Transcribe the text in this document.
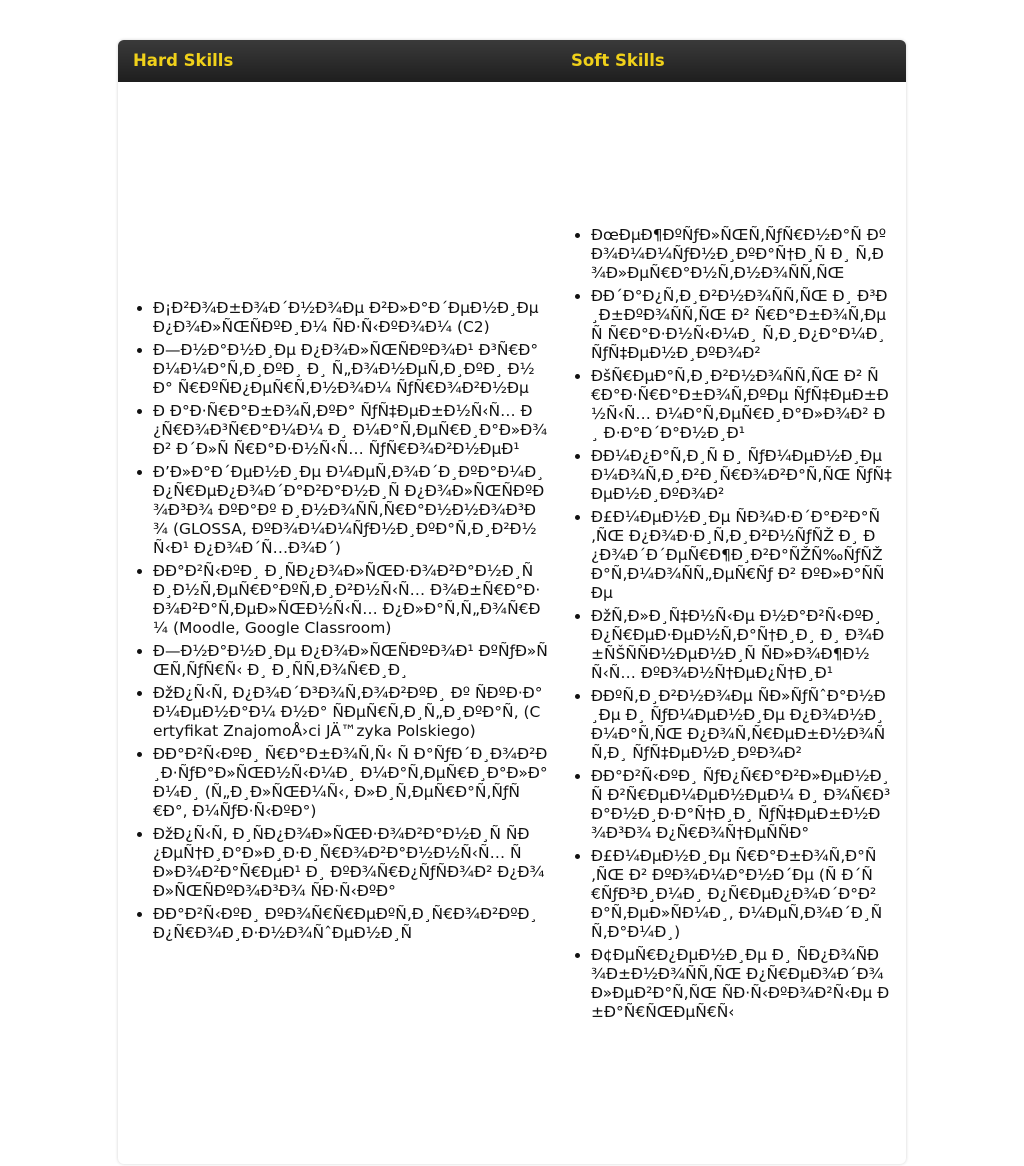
Hard Skills	Soft Skills
• Ð¡Ð²Ð¾Ð±Ð¾Ð´Ð½Ð¾Ðµ Ð²Ð»Ð°Ð´ÐµÐ½Ð¸Ðµ Ð¿Ð¾Ð»ÑŒÑÐºÐ¸Ð¼ ÑÐ·Ñ‹ÐºÐ¾Ð¼ (C2)
• Ð—Ð½Ð°Ð½Ð¸Ðµ Ð¿Ð¾Ð»ÑŒÑÐºÐ¾Ð¹ Ð³Ñ€Ð°Ð¼Ð¼Ð°Ñ‚Ð¸ÐºÐ¸ Ð¸ Ñ„Ð¾Ð½ÐµÑ‚Ð¸ÐºÐ¸ Ð½Ð° Ñ€ÐºÑÐ¿ÐµÑ€Ñ‚Ð½Ð¾Ð¼ ÑƒÑ€Ð¾Ð²Ð½Ðµ
• Ð Ð°Ð·Ñ€Ð°Ð±Ð¾Ñ‚ÐºÐ° ÑƒÑ‡ÐµÐ±Ð½Ñ‹Ñ… Ð¿Ñ€Ð¾Ð³Ñ€Ð°Ð¼Ð¼ Ð¸ Ð¼Ð°Ñ‚ÐµÑ€Ð¸Ð°Ð»Ð¾Ð² Ð´Ð»Ñ Ñ€Ð°Ð·Ð½Ñ‹Ñ… ÑƒÑ€Ð¾Ð²Ð½ÐµÐ¹
• Ð’Ð»Ð°Ð´ÐµÐ½Ð¸Ðµ Ð¼ÐµÑ‚Ð¾Ð´Ð¸ÐºÐ°Ð¼Ð¸ Ð¿Ñ€ÐµÐ¿Ð¾Ð´Ð°Ð²Ð°Ð½Ð¸Ñ Ð¿Ð¾Ð»ÑŒÑÐºÐ¾Ð³Ð¾ ÐºÐ°Ðº Ð¸Ð½Ð¾ÑÑ‚Ñ€Ð°Ð½Ð½Ð¾Ð³Ð¾ (GLOSSA, ÐºÐ¾Ð¼Ð¼ÑƒÐ½Ð¸ÐºÐ°Ñ‚Ð¸Ð²Ð½Ñ‹Ð¹ Ð¿Ð¾Ð´Ñ…Ð¾Ð´)
• ÐÐ°Ð²Ñ‹ÐºÐ¸ Ð¸ÑÐ¿Ð¾Ð»ÑŒÐ·Ð¾Ð²Ð°Ð½Ð¸Ñ Ð¸Ð½Ñ‚ÐµÑ€Ð°ÐºÑ‚Ð¸Ð²Ð½Ñ‹Ñ… Ð¾Ð±Ñ€Ð°Ð·Ð¾Ð²Ð°Ñ‚ÐµÐ»ÑŒÐ½Ñ‹Ñ… Ð¿Ð»Ð°Ñ‚Ñ„Ð¾Ñ€Ð¼ (Moodle, Google Classroom)
• Ð—Ð½Ð°Ð½Ð¸Ðµ Ð¿Ð¾Ð»ÑŒÑÐºÐ¾Ð¹ ÐºÑƒÐ»ÑŒÑ‚ÑƒÑ€Ñ‹ Ð¸ Ð¸ÑÑ‚Ð¾Ñ€Ð¸Ð¸
• ÐžÐ¿Ñ‹Ñ‚ Ð¿Ð¾Ð´Ð³Ð¾Ñ‚Ð¾Ð²ÐºÐ¸ Ðº ÑÐºÐ·Ð°Ð¼ÐµÐ½Ð°Ð¼ Ð½Ð° ÑÐµÑ€Ñ‚Ð¸Ñ„Ð¸ÐºÐ°Ñ‚ (Certyfikat ZnajomoÅ›ci JÄ™zyka Polskiego)
• ÐÐ°Ð²Ñ‹ÐºÐ¸ Ñ€Ð°Ð±Ð¾Ñ‚Ñ‹ Ñ Ð°ÑƒÐ´Ð¸Ð¾Ð²Ð¸Ð·ÑƒÐ°Ð»ÑŒÐ½Ñ‹Ð¼Ð¸ Ð¼Ð°Ñ‚ÐµÑ€Ð¸Ð°Ð»Ð°Ð¼Ð¸ (Ñ„Ð¸Ð»ÑŒÐ¼Ñ‹, Ð»Ð¸Ñ‚ÐµÑ€Ð°Ñ‚ÑƒÑ€Ð°, Ð¼ÑƒÐ·Ñ‹ÐºÐ°)
• ÐžÐ¿Ñ‹Ñ‚ Ð¸ÑÐ¿Ð¾Ð»ÑŒÐ·Ð¾Ð²Ð°Ð½Ð¸Ñ ÑÐ¿ÐµÑ†Ð¸Ð°Ð»Ð¸Ð·Ð¸Ñ€Ð¾Ð²Ð°Ð½Ð½Ñ‹Ñ… ÑÐ»Ð¾Ð²Ð°Ñ€ÐµÐ¹ Ð¸ ÐºÐ¾Ñ€Ð¿ÑƒÑÐ¾Ð² Ð¿Ð¾Ð»ÑŒÑÐºÐ¾Ð³Ð¾ ÑÐ·Ñ‹ÐºÐ°
• ÐÐ°Ð²Ñ‹ÐºÐ¸ ÐºÐ¾Ñ€Ñ€ÐµÐºÑ‚Ð¸Ñ€Ð¾Ð²ÐºÐ¸ Ð¿Ñ€Ð¾Ð¸Ð·Ð½Ð¾ÑˆÐµÐ½Ð¸Ñ
• ÐœÐµÐ¶ÐºÑƒÐ»ÑŒÑ‚ÑƒÑ€Ð½Ð°Ñ ÐºÐ¾Ð¼Ð¼ÑƒÐ½Ð¸ÐºÐ°Ñ†Ð¸Ñ Ð¸ Ñ‚Ð¾Ð»ÐµÑ€Ð°Ð½Ñ‚Ð½Ð¾ÑÑ‚ÑŒ
• ÐÐ´Ð°Ð¿Ñ‚Ð¸Ð²Ð½Ð¾ÑÑ‚ÑŒ Ð¸ Ð³Ð¸Ð±ÐºÐ¾ÑÑ‚ÑŒ Ð² Ñ€Ð°Ð±Ð¾Ñ‚Ðµ Ñ Ñ€Ð°Ð·Ð½Ñ‹Ð¼Ð¸ Ñ‚Ð¸Ð¿Ð°Ð¼Ð¸ ÑƒÑ‡ÐµÐ½Ð¸ÐºÐ¾Ð²
• ÐšÑ€ÐµÐ°Ñ‚Ð¸Ð²Ð½Ð¾ÑÑ‚ÑŒ Ð² Ñ€Ð°Ð·Ñ€Ð°Ð±Ð¾Ñ‚ÐºÐµ ÑƒÑ‡ÐµÐ±Ð½Ñ‹Ñ… Ð¼Ð°Ñ‚ÐµÑ€Ð¸Ð°Ð»Ð¾Ð² Ð¸ Ð·Ð°Ð´Ð°Ð½Ð¸Ð¹
• ÐÐ¼Ð¿Ð°Ñ‚Ð¸Ñ Ð¸ ÑƒÐ¼ÐµÐ½Ð¸Ðµ Ð¼Ð¾Ñ‚Ð¸Ð²Ð¸Ñ€Ð¾Ð²Ð°Ñ‚ÑŒ ÑƒÑ‡ÐµÐ½Ð¸ÐºÐ¾Ð²
• Ð£Ð¼ÐµÐ½Ð¸Ðµ ÑÐ¾Ð·Ð´Ð°Ð²Ð°Ñ‚ÑŒ Ð¿Ð¾Ð·Ð¸Ñ‚Ð¸Ð²Ð½ÑƒÑŽ Ð¸ Ð¿Ð¾Ð´Ð´ÐµÑ€Ð¶Ð¸Ð²Ð°ÑŽÑ‰ÑƒÑŽ Ð°Ñ‚Ð¼Ð¾ÑÑ„ÐµÑ€Ñƒ Ð² ÐºÐ»Ð°ÑÑÐµ
• ÐžÑ‚Ð»Ð¸Ñ‡Ð½Ñ‹Ðµ Ð½Ð°Ð²Ñ‹ÐºÐ¸ Ð¿Ñ€ÐµÐ·ÐµÐ½Ñ‚Ð°Ñ†Ð¸Ð¸ Ð¸ Ð¾Ð±ÑŠÑÑÐ½ÐµÐ½Ð¸Ñ ÑÐ»Ð¾Ð¶Ð½Ñ‹Ñ… ÐºÐ¾Ð½Ñ†ÐµÐ¿Ñ†Ð¸Ð¹
• ÐÐºÑ‚Ð¸Ð²Ð½Ð¾Ðµ ÑÐ»ÑƒÑˆÐ°Ð½Ð¸Ðµ Ð¸ ÑƒÐ¼ÐµÐ½Ð¸Ðµ Ð¿Ð¾Ð½Ð¸Ð¼Ð°Ñ‚ÑŒ Ð¿Ð¾Ñ‚Ñ€ÐµÐ±Ð½Ð¾ÑÑ‚Ð¸ ÑƒÑ‡ÐµÐ½Ð¸ÐºÐ¾Ð²
• ÐÐ°Ð²Ñ‹ÐºÐ¸ ÑƒÐ¿Ñ€Ð°Ð²Ð»ÐµÐ½Ð¸Ñ Ð²Ñ€ÐµÐ¼ÐµÐ½ÐµÐ¼ Ð¸ Ð¾Ñ€Ð³Ð°Ð½Ð¸Ð·Ð°Ñ†Ð¸Ð¸ ÑƒÑ‡ÐµÐ±Ð½Ð¾Ð³Ð¾ Ð¿Ñ€Ð¾Ñ†ÐµÑÑÐ°
• Ð£Ð¼ÐµÐ½Ð¸Ðµ Ñ€Ð°Ð±Ð¾Ñ‚Ð°Ñ‚ÑŒ Ð² ÐºÐ¾Ð¼Ð°Ð½Ð´Ðµ (Ñ Ð´Ñ€ÑƒÐ³Ð¸Ð¼Ð¸ Ð¿Ñ€ÐµÐ¿Ð¾Ð´Ð°Ð²Ð°Ñ‚ÐµÐ»ÑÐ¼Ð¸, Ð¼ÐµÑ‚Ð¾Ð´Ð¸ÑÑ‚Ð°Ð¼Ð¸)
• Ð¢ÐµÑ€Ð¿ÐµÐ½Ð¸Ðµ Ð¸ ÑÐ¿Ð¾ÑÐ¾Ð±Ð½Ð¾ÑÑ‚ÑŒ Ð¿Ñ€ÐµÐ¾Ð´Ð¾Ð»ÐµÐ²Ð°Ñ‚ÑŒ ÑÐ·Ñ‹ÐºÐ¾Ð²Ñ‹Ðµ Ð±Ð°Ñ€ÑŒÐµÑ€Ñ‹
